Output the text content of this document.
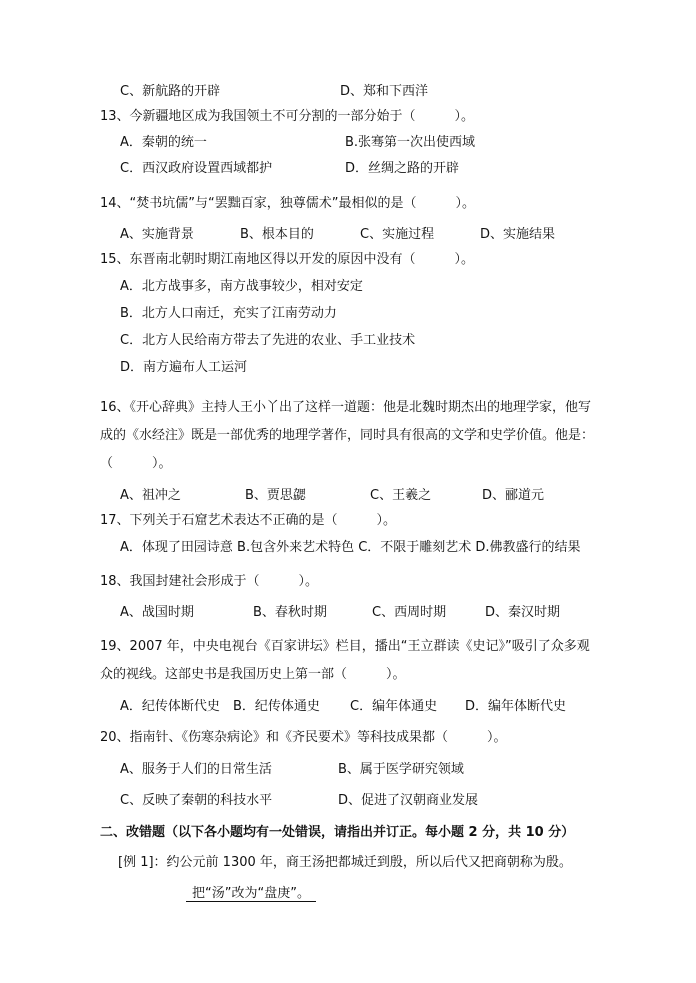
C、新航路的开辟	D、郑和下西洋
13、今新疆地区成为我国领土不可分割的一部分始于（　　　）。
A．秦朝的统一	B.张骞第一次出使西域
C．西汉政府设置西域都护	D．丝绸之路的开辟
14、“焚书坑儒”与“罢黜百家，独尊儒术”最相似的是（　　　）。
A、实施背景	B、根本目的	C、实施过程	D、实施结果
15、东晋南北朝时期江南地区得以开发的原因中没有（　　　）。
A．北方战事多，南方战事较少，相对安定
B．北方人口南迁，充实了江南劳动力
C．北方人民给南方带去了先进的农业、手工业技术
D．南方遍布人工运河
16、《开心辞典》主持人王小丫出了这样一道题：他是北魏时期杰出的地理学家，他写
成的《水经注》既是一部优秀的地理学著作，同时具有很高的文学和史学价值。他是：
（　　　）。
A、祖冲之	B、贾思勰	C、王羲之	D、郦道元
17、下列关于石窟艺术表达不正确的是（　　　）。
A．体现了田园诗意 B.包含外来艺术特色 C．不限于雕刻艺术 D.佛教盛行的结果
18、我国封建社会形成于（　　　）。
A、战国时期	B、春秋时期	C、西周时期	D、秦汉时期
19、2007 年，中央电视台《百家讲坛》栏目，播出“王立群读《史记》”吸引了众多观
众的视线。这部史书是我国历史上第一部（　　　）。
A．纪传体断代史 B．纪传体通史 C．编年体通史 D．编年体断代史
20、指南针、《伤寒杂病论》和《齐民要术》等科技成果都（　　　）。
A、服务于人们的日常生活	B、属于医学研究领域
C、反映了秦朝的科技水平	D、促进了汉朝商业发展
二、改错题（以下各小题均有一处错误，请指出并订正。每小题 2 分，共 10 分）
[例 1]：约公元前 1300 年，商王汤把都城迁到殷，所以后代又把商朝称为殷。
把“汤”改为“盘庚”。
